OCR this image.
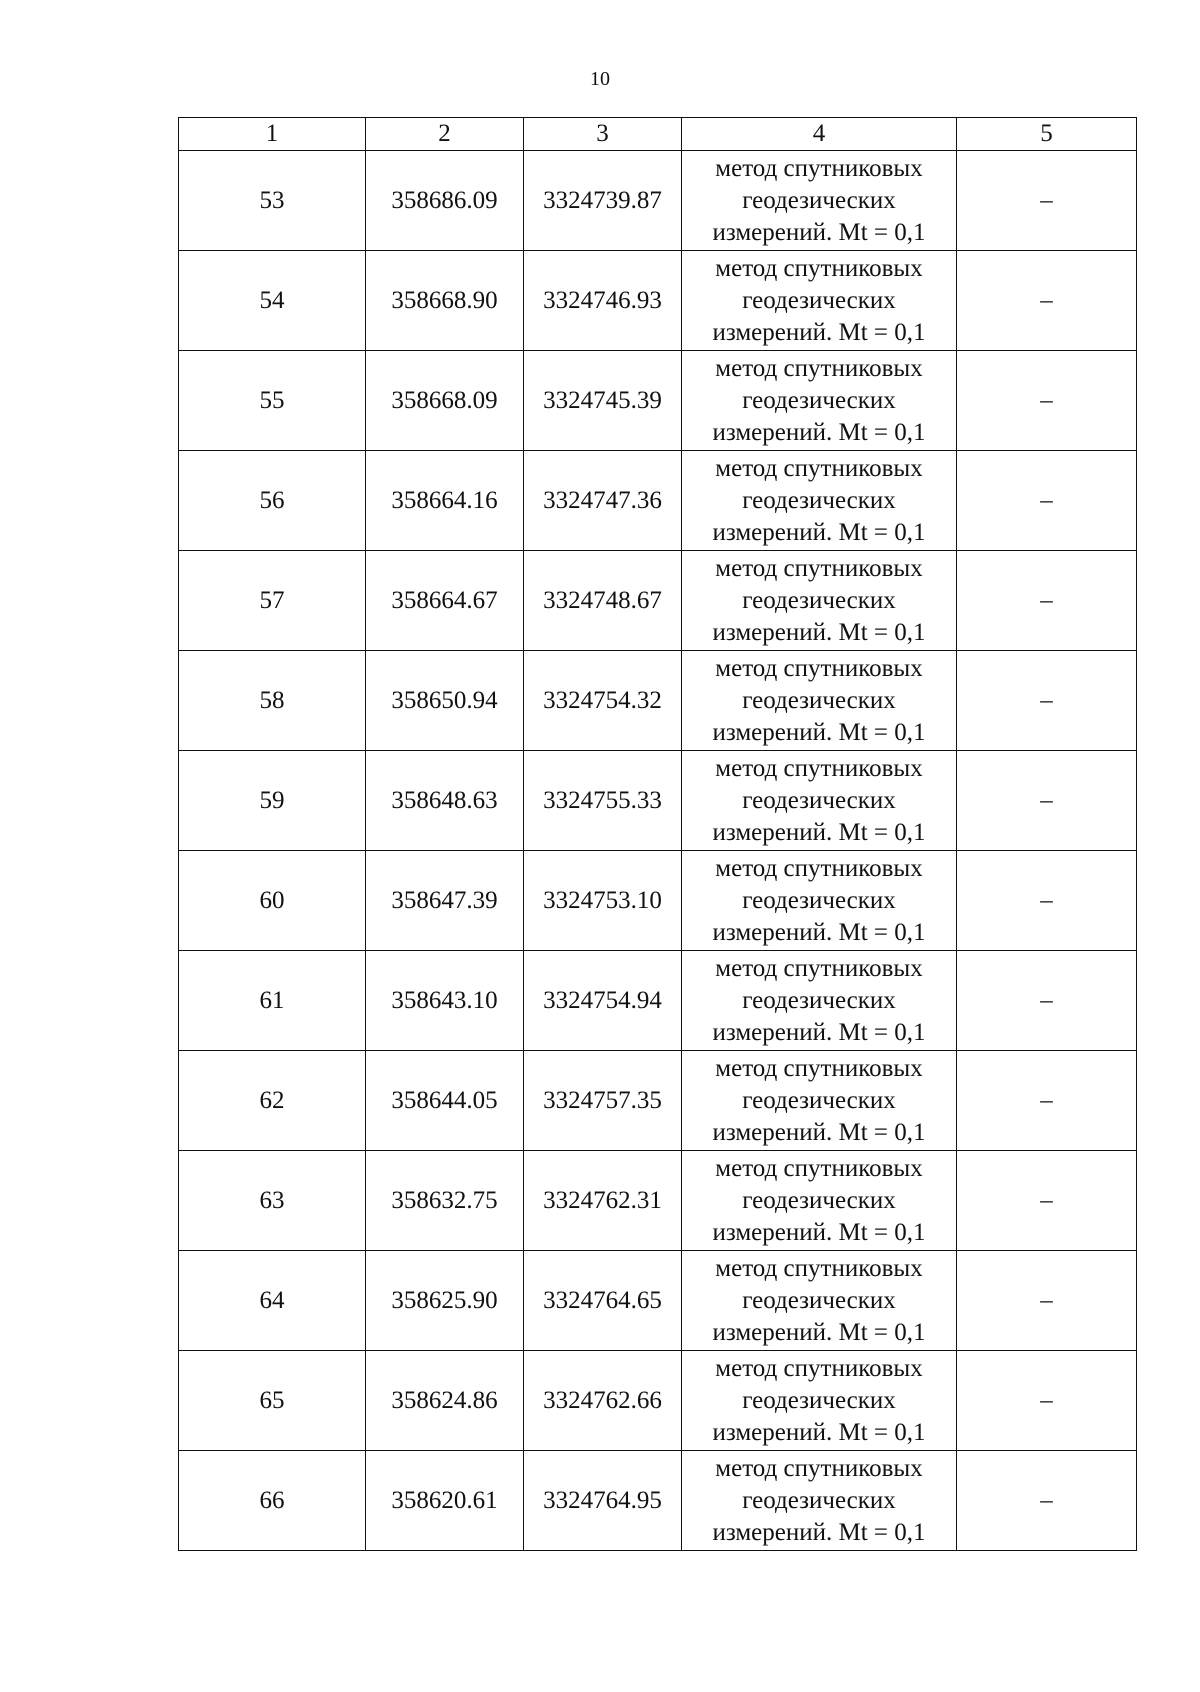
10
1	2	3	4	5
53	358686.09	3324739.87	метод спутниковых
геодезических
измерений. Mt = 0,1	–
54	358668.90	3324746.93	метод спутниковых
геодезических
измерений. Mt = 0,1	–
55	358668.09	3324745.39	метод спутниковых
геодезических
измерений. Mt = 0,1	–
56	358664.16	3324747.36	метод спутниковых
геодезических
измерений. Mt = 0,1	–
57	358664.67	3324748.67	метод спутниковых
геодезических
измерений. Mt = 0,1	–
58	358650.94	3324754.32	метод спутниковых
геодезических
измерений. Mt = 0,1	–
59	358648.63	3324755.33	метод спутниковых
геодезических
измерений. Mt = 0,1	–
60	358647.39	3324753.10	метод спутниковых
геодезических
измерений. Mt = 0,1	–
61	358643.10	3324754.94	метод спутниковых
геодезических
измерений. Mt = 0,1	–
62	358644.05	3324757.35	метод спутниковых
геодезических
измерений. Mt = 0,1	–
63	358632.75	3324762.31	метод спутниковых
геодезических
измерений. Mt = 0,1	–
64	358625.90	3324764.65	метод спутниковых
геодезических
измерений. Mt = 0,1	–
65	358624.86	3324762.66	метод спутниковых
геодезических
измерений. Mt = 0,1	–
66	358620.61	3324764.95	метод спутниковых
геодезических
измерений. Mt = 0,1	–
